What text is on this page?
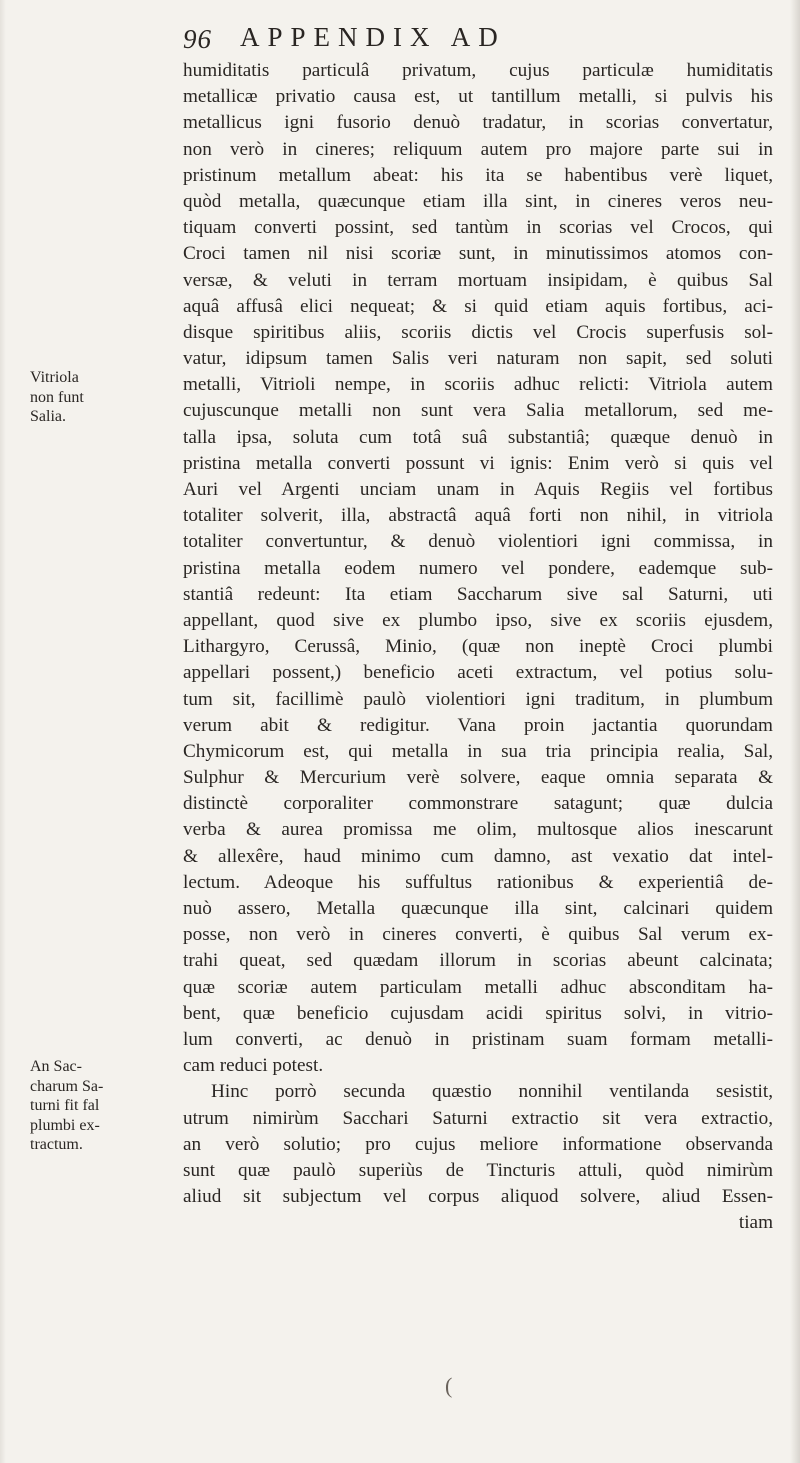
96 APPENDIX AD
Vitriola
non funt
Salia.
An Sac-
charum Sa-
turni fit fal
plumbi ex-
tractum.
humiditatis particulâ privatum, cujus particulæ humiditatis
metallicæ privatio causa est, ut tantillum metalli, si pulvis his
metallicus igni fusorio denuò tradatur, in scorias convertatur,
non verò in cineres; reliquum autem pro majore parte sui in
pristinum metallum abeat: his ita se habentibus verè liquet,
quòd metalla, quæcunque etiam illa sint, in cineres veros neu-
tiquam converti possint, sed tantùm in scorias vel Crocos, qui
Croci tamen nil nisi scoriæ sunt, in minutissimos atomos con-
versæ, & veluti in terram mortuam insipidam, è quibus Sal
aquâ affusâ elici nequeat; & si quid etiam aquis fortibus, aci-
disque spiritibus aliis, scoriis dictis vel Crocis superfusis sol-
vatur, idipsum tamen Salis veri naturam non sapit, sed soluti
metalli, Vitrioli nempe, in scoriis adhuc relicti: Vitriola autem
cujuscunque metalli non sunt vera Salia metallorum, sed me-
talla ipsa, soluta cum totâ suâ substantiâ; quæque denuò in
pristina metalla converti possunt vi ignis: Enim verò si quis vel
Auri vel Argenti unciam unam in Aquis Regiis vel fortibus
totaliter solverit, illa, abstractâ aquâ forti non nihil, in vitriola
totaliter convertuntur, & denuò violentiori igni commissa, in
pristina metalla eodem numero vel pondere, eademque sub-
stantiâ redeunt: Ita etiam Saccharum sive sal Saturni, uti
appellant, quod sive ex plumbo ipso, sive ex scoriis ejusdem,
Lithargyro, Cerussâ, Minio, (quæ non ineptè Croci plumbi
appellari possent,) beneficio aceti extractum, vel potius solu-
tum sit, facillimè paulò violentiori igni traditum, in plumbum
verum abit & redigitur. Vana proin jactantia quorundam
Chymicorum est, qui metalla in sua tria principia realia, Sal,
Sulphur & Mercurium verè solvere, eaque omnia separata &
distinctè corporaliter commonstrare satagunt; quæ dulcia
verba & aurea promissa me olim, multosque alios inescarunt
& allexêre, haud minimo cum damno, ast vexatio dat intel-
lectum. Adeoque his suffultus rationibus & experientiâ de-
nuò assero, Metalla quæcunque illa sint, calcinari quidem
posse, non verò in cineres converti, è quibus Sal verum ex-
trahi queat, sed quædam illorum in scorias abeunt calcinata;
quæ scoriæ autem particulam metalli adhuc absconditam ha-
bent, quæ beneficio cujusdam acidi spiritus solvi, in vitrio-
lum converti, ac denuò in pristinam suam formam metalli-
cam reduci potest.
Hinc porrò secunda quæstio nonnihil ventilanda sesistit,
utrum nimirùm Sacchari Saturni extractio sit vera extractio,
an verò solutio; pro cujus meliore informatione observanda
sunt quæ paulò superiùs de Tincturis attuli, quòd nimirùm
aliud sit subjectum vel corpus aliquod solvere, aliud Essen-
tiam
(
